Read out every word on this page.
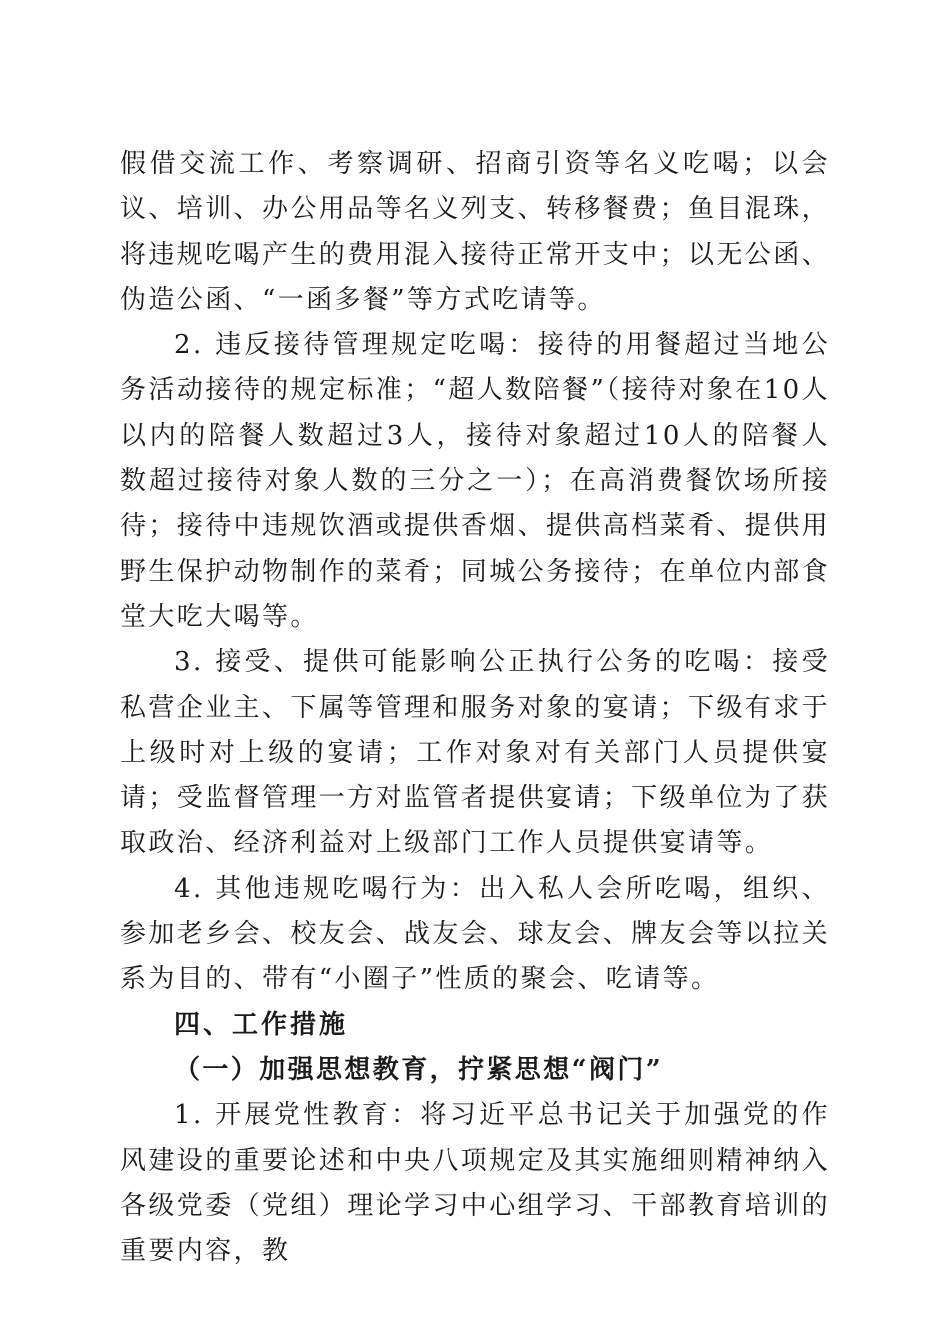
假借交流工作、考察调研、招商引资等名义吃喝；以会议、培训、办公用品等名义列支、转移餐费；鱼目混珠，将违规吃喝产生的费用混入接待正常开支中；以无公函、伪造公函、“一函多餐”等方式吃请等。

2. 违反接待管理规定吃喝：接待的用餐超过当地公务活动接待的规定标准；“超人数陪餐”（接待对象在10人以内的陪餐人数超过3人，接待对象超过10人的陪餐人数超过接待对象人数的三分之一）；在高消费餐饮场所接待；接待中违规饮酒或提供香烟、提供高档菜肴、提供用野生保护动物制作的菜肴；同城公务接待；在单位内部食堂大吃大喝等。

3. 接受、提供可能影响公正执行公务的吃喝：接受私营企业主、下属等管理和服务对象的宴请；下级有求于上级时对上级的宴请；工作对象对有关部门人员提供宴请；受监督管理一方对监管者提供宴请；下级单位为了获取政治、经济利益对上级部门工作人员提供宴请等。

4. 其他违规吃喝行为：出入私人会所吃喝，组织、参加老乡会、校友会、战友会、球友会、牌友会等以拉关系为目的、带有“小圈子”性质的聚会、吃请等。

四、工作措施

（一）加强思想教育，拧紧思想“阀门”

1. 开展党性教育：将习近平总书记关于加强党的作风建设的重要论述和中央八项规定及其实施细则精神纳入各级党委（党组）理论学习中心组学习、干部教育培训的重要内容，教
